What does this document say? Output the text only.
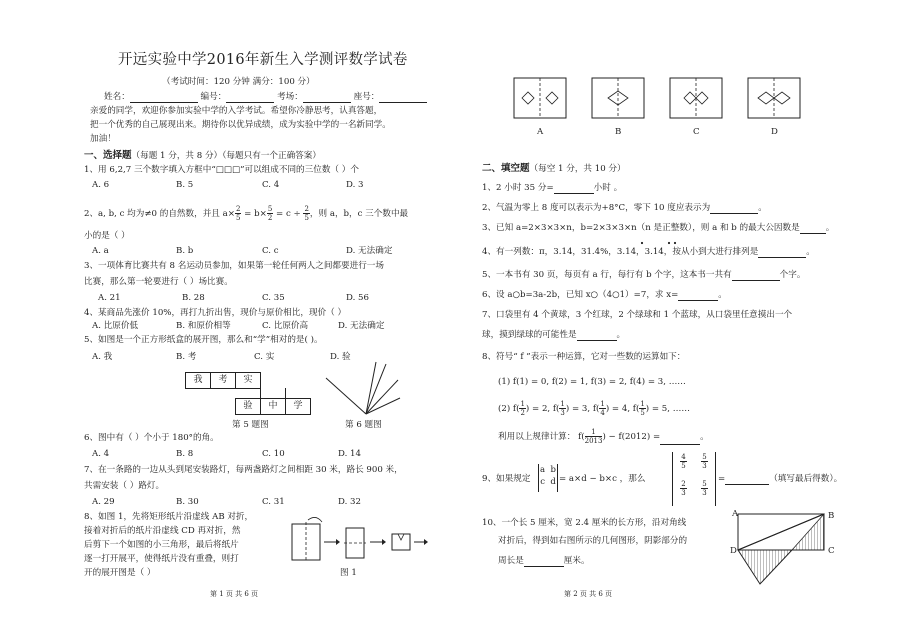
开远实验中学2016年新生入学测评数学试卷
（考试时间：120 分钟 满分：100 分）
姓名：	编号：	考场：	座号：
亲爱的同学，欢迎你参加实验中学的入学考试。希望你冷静思考，认真答题，
把一个优秀的自己展现出来。期待你以优异成绩，成为实验中学的一名新同学。
加油！
一、选择题（每题 1 分，共 8 分）（每题只有一个正确答案）
1、用 6,2,7 三个数字填入方框中“□□□”可以组成不同的三位数（ ）个
A. 6	B. 5	C. 4	D. 3
2、a, b, c 均为≠0 的自然数，并且 $a\times \frac{2}{5} = b\times \frac{5}{2} = c \div \frac{2}{5}$ ，则 a，b，c 三个数中最
小的是（ ）
A. a	B. b	C. c	D. 无法确定
3、一项体育比赛共有 8 名运动员参加，如果第一轮任何两人之间都要进行一场
比赛，那么第一轮要进行（ ）场比赛。
A. 21	B. 28	C. 35	D. 56
4、某商品先涨价 10%，再打九折出售，现价与原价相比，现价（ ）
A. 比原价低	B. 和原价相等	C. 比原价高	D. 无法确定
5、如图是一个正方形纸盒的展开图，那么和“学”相对的是( )。
A. 我	B. 考	C. 实	D. 验
我	考	实
验	中	学
第 5 题图	第 6 题图
6、图中有（ ）个小于 180°的角。
A. 4	B. 8	C. 10	D. 14
7、在一条路的一边从头到尾安装路灯，每两盏路灯之间相距 30 米，路长 900 米，
共需安装（ ）路灯。
A. 29	B. 30	C. 31	D. 32
8、如图 1，先将矩形纸片沿虚线 AB 对折，
接着对折后的纸片沿虚线 CD 再对折，然
后剪下一个如图的小三角形，最后将纸片
逐一打开展平，使得纸片没有重叠，则打
开的展开图是（ ）	图 1
第 1 页 共 6 页
A	B	C	D
二、填空题（每空 1 分，共 10 分）
1、2 小时 35 分=	小时 。
2、气温为零上 8 度可以表示为+8°C，零下 10 度应表示为	。
3、已知 a=2×3×3×n，b=2×3×3×n（n 是正整数），则 a 和 b 的最大公因数是	。
4、有一列数：π，3.14，31.4%，3.14，3.14，按从小到大进行排列是	。
5、一本书有 30 页，每页有 a 行，每行有 b 个字，这本书一共有	个字。
6、设 a○b=3a-2b，已知 x○（4○1）=7，求 x=	。
7、口袋里有 4 个黄球，3 个红球，2 个绿球和 1 个蓝球，从口袋里任意摸出一个
球，摸到绿球的可能性是	。
8、符号“ f ”表示一种运算，它对一些数的运算如下：
(1) f(1) = 0, f(2) = 1, f(3) = 2, f(4) = 3, ……
(2) $f( \frac{1}{2}$ ) = 2, $f( \frac{1}{3}$ ) = 3, $f( \frac{1}{4}$ ) = 4, $f( \frac{1}{5}$ ) = 5, ……
利用以上规律计算： $f( \frac{1}{2013}$ ) − f(2012) =	。
9、如果规定
a b
c d = a×d − b×c ，那么
$\frac{4}{5} \frac{5}{3}$
$\frac{2}{3} \frac{5}{3}$
=	（填写最后得数）。
10、一个长 5 厘米，宽 2.4 厘米的长方形，沿对角线
对折后，得到如右图所示的几何图形，阴影部分的
周长是	厘米。
A	B
C
D
第 2 页 共 6 页
